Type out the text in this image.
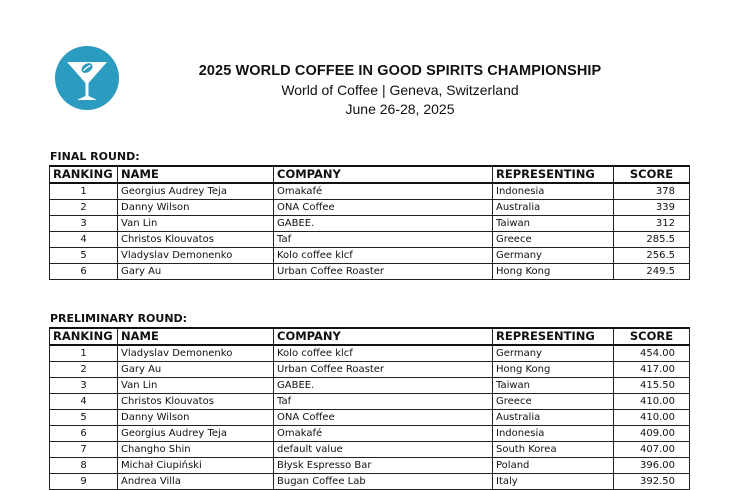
2025 WORLD COFFEE IN GOOD SPIRITS CHAMPIONSHIP
World of Coffee | Geneva, Switzerland
June 26-28, 2025
FINAL ROUND:
RANKING	NAME	COMPANY	REPRESENTING	SCORE
1	Georgius Audrey Teja	Omakafé	Indonesia	378
2	Danny Wilson	ONA Coffee	Australia	339
3	Van Lin	GABEE.	Taiwan	312
4	Christos Klouvatos	Taf	Greece	285.5
5	Vladyslav Demonenko	Kolo coffee klcf	Germany	256.5
6	Gary Au	Urban Coffee Roaster	Hong Kong	249.5
PRELIMINARY ROUND:
RANKING	NAME	COMPANY	REPRESENTING	SCORE
1	Vladyslav Demonenko	Kolo coffee klcf	Germany	454.00
2	Gary Au	Urban Coffee Roaster	Hong Kong	417.00
3	Van Lin	GABEE.	Taiwan	415.50
4	Christos Klouvatos	Taf	Greece	410.00
5	Danny Wilson	ONA Coffee	Australia	410.00
6	Georgius Audrey Teja	Omakafé	Indonesia	409.00
7	Changho Shin	default value	South Korea	407.00
8	Michał Ciupiński	Błysk Espresso Bar	Poland	396.00
9	Andrea Villa	Bugan Coffee Lab	Italy	392.50
